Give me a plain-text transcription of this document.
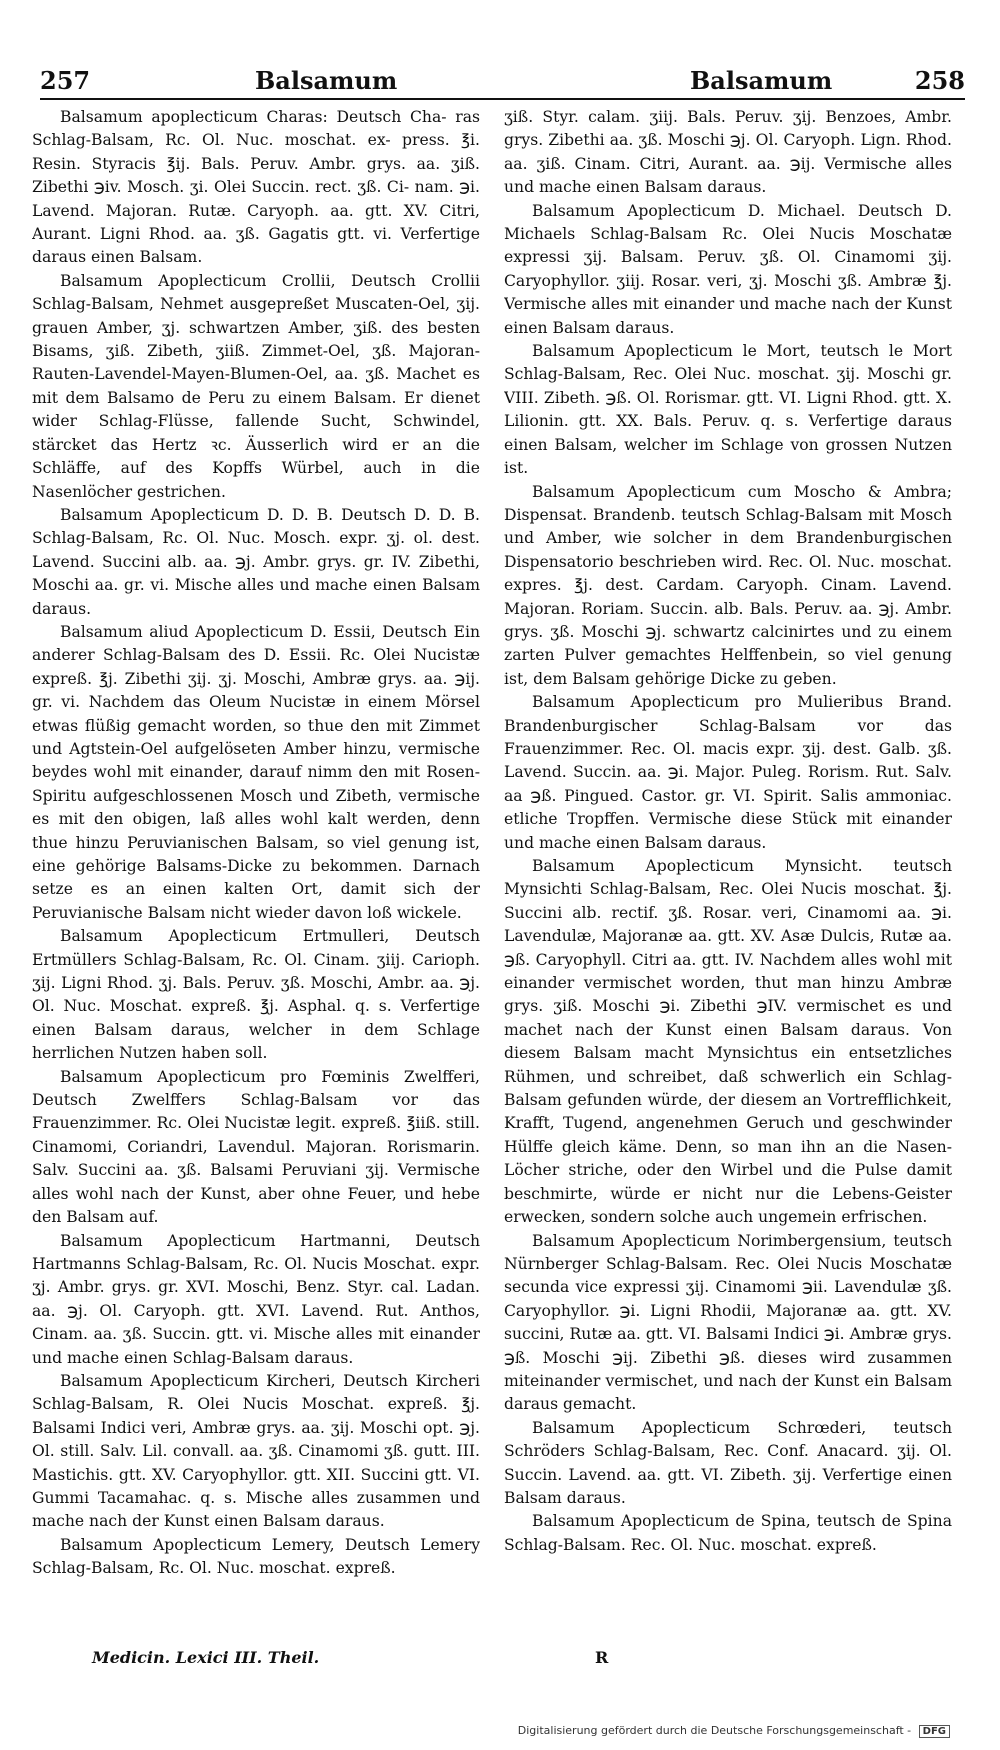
257	Balsamum	Balsamum	258

Balsamum apoplecticum Charas: Deutsch Cha- ras Schlag-Balsam, Rc. Ol. Nuc. moschat. ex- press. ℥i. Resin. Styracis ℥ij. Bals. Peruv. Ambr. grys. aa. ʒiß. Zibethi ℈iv. Mosch. ʒi. Olei Succin. rect. ʒß. Ci- nam. ℈i. Lavend. Majoran. Rutæ. Caryoph. aa. gtt. XV. Citri, Aurant. Ligni Rhod. aa. ʒß. Gagatis gtt. vi. Verfertige daraus einen Balsam.

Balsamum Apoplecticum Crollii, Deutsch Crollii Schlag-Balsam, Nehmet ausgepreßet Muscaten-Oel, ʒij. grauen Amber, ʒj. schwartzen Amber, ʒiß. des besten Bisams, ʒiß. Zibeth, ʒiiß. Zimmet-Oel, ʒß. Majoran-Rauten-Lavendel-Mayen-Blumen-Oel, aa. ʒß. Machet es mit dem Balsamo de Peru zu einem Balsam. Er dienet wider Schlag-Flüsse, fallende Sucht, Schwindel, stärcket das Hertz ꝛc. Äusserlich wird er an die Schläffe, auf des Kopffs Würbel, auch in die Nasenlöcher gestrichen.

Balsamum Apoplecticum D. D. B. Deutsch D. D. B. Schlag-Balsam, Rc. Ol. Nuc. Mosch. expr. ʒj. ol. dest. Lavend. Succini alb. aa. ℈j. Ambr. grys. gr. IV. Zibethi, Moschi aa. gr. vi. Mische alles und mache einen Balsam daraus.

Balsamum aliud Apoplecticum D. Essii, Deutsch Ein anderer Schlag-Balsam des D. Essii. Rc. Olei Nucistæ expreß. ℥j. Zibethi ʒij. ʒj. Moschi, Ambræ grys. aa. ℈ij. gr. vi. Nachdem das Oleum Nucistæ in einem Mörsel etwas flüßig gemacht worden, so thue den mit Zimmet und Agtstein-Oel aufgelöseten Amber hinzu, vermische beydes wohl mit einander, darauf nimm den mit Rosen-Spiritu aufgeschlossenen Mosch und Zibeth, vermische es mit den obigen, laß alles wohl kalt werden, denn thue hinzu Peruvianischen Balsam, so viel genung ist, eine gehörige Balsams-Dicke zu bekommen. Darnach setze es an einen kalten Ort, damit sich der Peruvianische Balsam nicht wieder davon loß wickele.

Balsamum Apoplecticum Ertmulleri, Deutsch Ertmüllers Schlag-Balsam, Rc. Ol. Cinam. ʒiij. Carioph. ʒij. Ligni Rhod. ʒj. Bals. Peruv. ʒß. Moschi, Ambr. aa. ℈j. Ol. Nuc. Moschat. expreß. ℥j. Asphal. q. s. Verfertige einen Balsam daraus, welcher in dem Schlage herrlichen Nutzen haben soll.

Balsamum Apoplecticum pro Fœminis Zwelfferi, Deutsch Zwelffers Schlag-Balsam vor das Frauenzimmer. Rc. Olei Nucistæ legit. expreß. ℥iiß. still. Cinamomi, Coriandri, Lavendul. Majoran. Rorismarin. Salv. Succini aa. ʒß. Balsami Peruviani ʒij. Vermische alles wohl nach der Kunst, aber ohne Feuer, und hebe den Balsam auf.

Balsamum Apoplecticum Hartmanni, Deutsch Hartmanns Schlag-Balsam, Rc. Ol. Nucis Moschat. expr. ʒj. Ambr. grys. gr. XVI. Moschi, Benz. Styr. cal. Ladan. aa. ℈j. Ol. Caryoph. gtt. XVI. Lavend. Rut. Anthos, Cinam. aa. ʒß. Succin. gtt. vi. Mische alles mit einander und mache einen Schlag-Balsam daraus.

Balsamum Apoplecticum Kircheri, Deutsch Kircheri Schlag-Balsam, R. Olei Nucis Moschat. expreß. ℥j. Balsami Indici veri, Ambræ grys. aa. ʒij. Moschi opt. ℈j. Ol. still. Salv. Lil. convall. aa. ʒß. Cinamomi ʒß. gutt. III. Mastichis. gtt. XV. Caryophyllor. gtt. XII. Succini gtt. VI. Gummi Tacamahac. q. s. Mische alles zusammen und mache nach der Kunst einen Balsam daraus.

Balsamum Apoplecticum Lemery, Deutsch Lemery Schlag-Balsam, Rc. Ol. Nuc. moschat. expreß.

ʒiß. Styr. calam. ʒiij. Bals. Peruv. ʒij. Benzoes, Ambr. grys. Zibethi aa. ʒß. Moschi ℈j. Ol. Caryoph. Lign. Rhod. aa. ʒiß. Cinam. Citri, Aurant. aa. ℈ij. Vermische alles und mache einen Balsam daraus.

Balsamum Apoplecticum D. Michael. Deutsch D. Michaels Schlag-Balsam Rc. Olei Nucis Moschatæ expressi ʒij. Balsam. Peruv. ʒß. Ol. Cinamomi ʒij. Caryophyllor. ʒiij. Rosar. veri, ʒj. Moschi ʒß. Ambræ ℥j. Vermische alles mit einander und mache nach der Kunst einen Balsam daraus.

Balsamum Apoplecticum le Mort, teutsch le Mort Schlag-Balsam, Rec. Olei Nuc. moschat. ʒij. Moschi gr. VIII. Zibeth. ℈ß. Ol. Rorismar. gtt. VI. Ligni Rhod. gtt. X. Lilionin. gtt. XX. Bals. Peruv. q. s. Verfertige daraus einen Balsam, welcher im Schlage von grossen Nutzen ist.

Balsamum Apoplecticum cum Moscho & Ambra; Dispensat. Brandenb. teutsch Schlag-Balsam mit Mosch und Amber, wie solcher in dem Brandenburgischen Dispensatorio beschrieben wird. Rec. Ol. Nuc. moschat. expres. ℥j. dest. Cardam. Caryoph. Cinam. Lavend. Majoran. Roriam. Succin. alb. Bals. Peruv. aa. ℈j. Ambr. grys. ʒß. Moschi ℈j. schwartz calcinirtes und zu einem zarten Pulver gemachtes Helffenbein, so viel genung ist, dem Balsam gehörige Dicke zu geben.

Balsamum Apoplecticum pro Mulieribus Brand. Brandenburgischer Schlag-Balsam vor das Frauenzimmer. Rec. Ol. macis expr. ʒij. dest. Galb. ʒß. Lavend. Succin. aa. ℈i. Major. Puleg. Rorism. Rut. Salv. aa ℈ß. Pingued. Castor. gr. VI. Spirit. Salis ammoniac. etliche Tropffen. Vermische diese Stück mit einander und mache einen Balsam daraus.

Balsamum Apoplecticum Mynsicht. teutsch Mynsichti Schlag-Balsam, Rec. Olei Nucis moschat. ℥j. Succini alb. rectif. ʒß. Rosar. veri, Cinamomi aa. ℈i. Lavendulæ, Majoranæ aa. gtt. XV. Asæ Dulcis, Rutæ aa. ℈ß. Caryophyll. Citri aa. gtt. IV. Nachdem alles wohl mit einander vermischet worden, thut man hinzu Ambræ grys. ʒiß. Moschi ℈i. Zibethi ℈IV. vermischet es und machet nach der Kunst einen Balsam daraus. Von diesem Balsam macht Mynsichtus ein entsetzliches Rühmen, und schreibet, daß schwerlich ein Schlag-Balsam gefunden würde, der diesem an Vortrefflichkeit, Krafft, Tugend, angenehmen Geruch und geschwinder Hülffe gleich käme. Denn, so man ihn an die Nasen-Löcher striche, oder den Wirbel und die Pulse damit beschmirte, würde er nicht nur die Lebens-Geister erwecken, sondern solche auch ungemein erfrischen.

Balsamum Apoplecticum Norimbergensium, teutsch Nürnberger Schlag-Balsam. Rec. Olei Nucis Moschatæ secunda vice expressi ʒij. Cinamomi ℈ii. Lavendulæ ʒß. Caryophyllor. ℈i. Ligni Rhodii, Majoranæ aa. gtt. XV. succini, Rutæ aa. gtt. VI. Balsami Indici ℈i. Ambræ grys. ℈ß. Moschi ℈ij. Zibethi ℈ß. dieses wird zusammen miteinander vermischet, und nach der Kunst ein Balsam daraus gemacht.

Balsamum Apoplecticum Schrœderi, teutsch Schröders Schlag-Balsam, Rec. Conf. Anacard. ʒij. Ol. Succin. Lavend. aa. gtt. VI. Zibeth. ʒij. Verfertige einen Balsam daraus.

Balsamum Apoplecticum de Spina, teutsch de Spina Schlag-Balsam. Rec. Ol. Nuc. moschat. expreß.

Medicin. Lexici III. Theil.	R
Digitalisierung gefördert durch die Deutsche Forschungsgemeinschaft - DFG
